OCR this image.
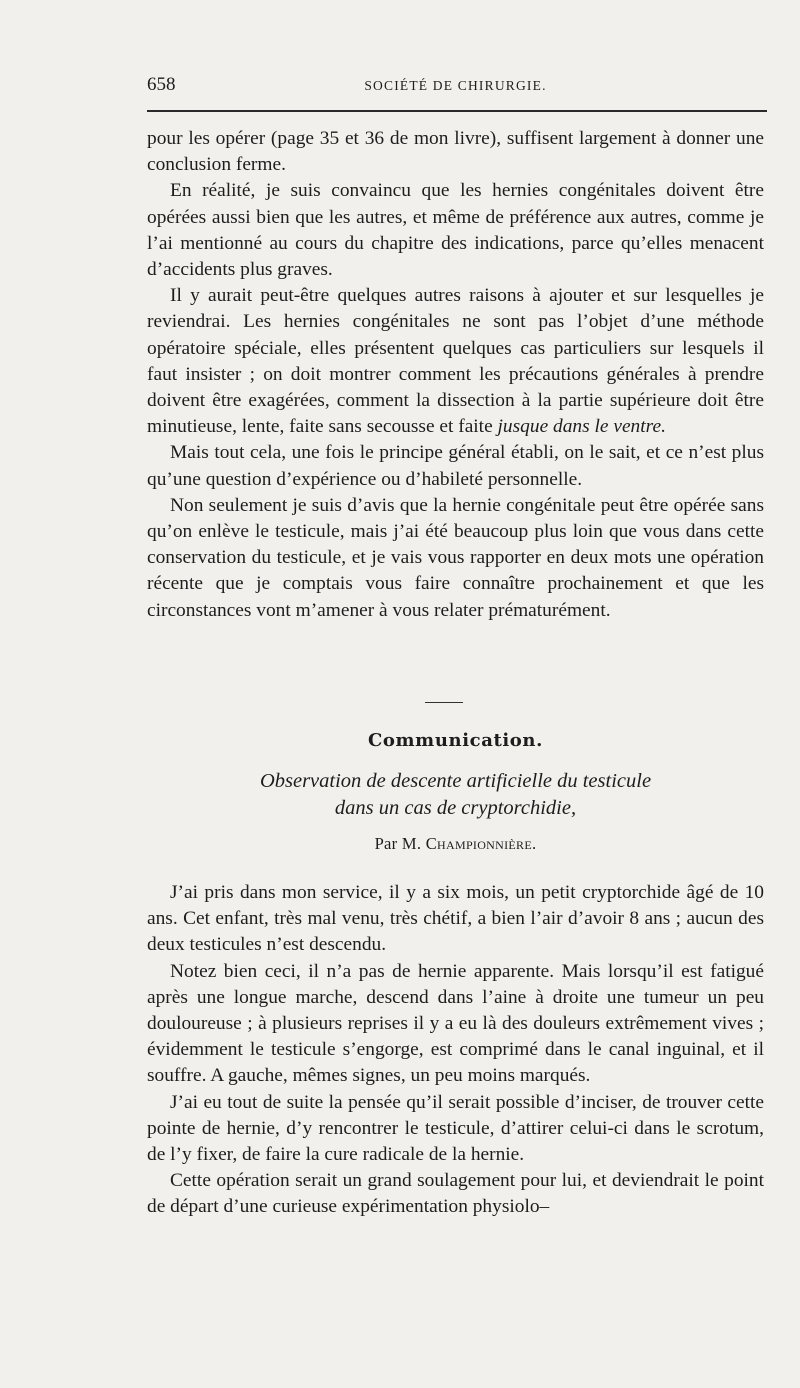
658	SOCIÉTÉ DE CHIRURGIE.

pour les opérer (page 35 et 36 de mon livre), suffisent largement à donner une conclusion ferme.

En réalité, je suis convaincu que les hernies congénitales doivent être opérées aussi bien que les autres, et même de préférence aux autres, comme je l’ai mentionné au cours du chapitre des indications, parce qu’elles menacent d’accidents plus graves.

Il y aurait peut-être quelques autres raisons à ajouter et sur lesquelles je reviendrai. Les hernies congénitales ne sont pas l’objet d’une méthode opératoire spéciale, elles présentent quelques cas particuliers sur lesquels il faut insister ; on doit montrer comment les précautions générales à prendre doivent être exagérées, comment la dissection à la partie supérieure doit être minutieuse, lente, faite sans secousse et faite jusque dans le ventre.

Mais tout cela, une fois le principe général établi, on le sait, et ce n’est plus qu’une question d’expérience ou d’habileté personnelle.

Non seulement je suis d’avis que la hernie congénitale peut être opérée sans qu’on enlève le testicule, mais j’ai été beaucoup plus loin que vous dans cette conservation du testicule, et je vais vous rapporter en deux mots une opération récente que je comptais vous faire connaître prochainement et que les circonstances vont m’amener à vous relater prématurément.

Communication.
Observation de descente artificielle du testicule
dans un cas de cryptorchidie,
Par M. Championnière.

J’ai pris dans mon service, il y a six mois, un petit cryptorchide âgé de 10 ans. Cet enfant, très mal venu, très chétif, a bien l’air d’avoir 8 ans ; aucun des deux testicules n’est descendu.

Notez bien ceci, il n’a pas de hernie apparente. Mais lorsqu’il est fatigué après une longue marche, descend dans l’aine à droite une tumeur un peu douloureuse ; à plusieurs reprises il y a eu là des douleurs extrêmement vives ; évidemment le testicule s’engorge, est comprimé dans le canal inguinal, et il souffre. A gauche, mêmes signes, un peu moins marqués.

J’ai eu tout de suite la pensée qu’il serait possible d’inciser, de trouver cette pointe de hernie, d’y rencontrer le testicule, d’attirer celui-ci dans le scrotum, de l’y fixer, de faire la cure radicale de la hernie.

Cette opération serait un grand soulagement pour lui, et deviendrait le point de départ d’une curieuse expérimentation physiolo–
